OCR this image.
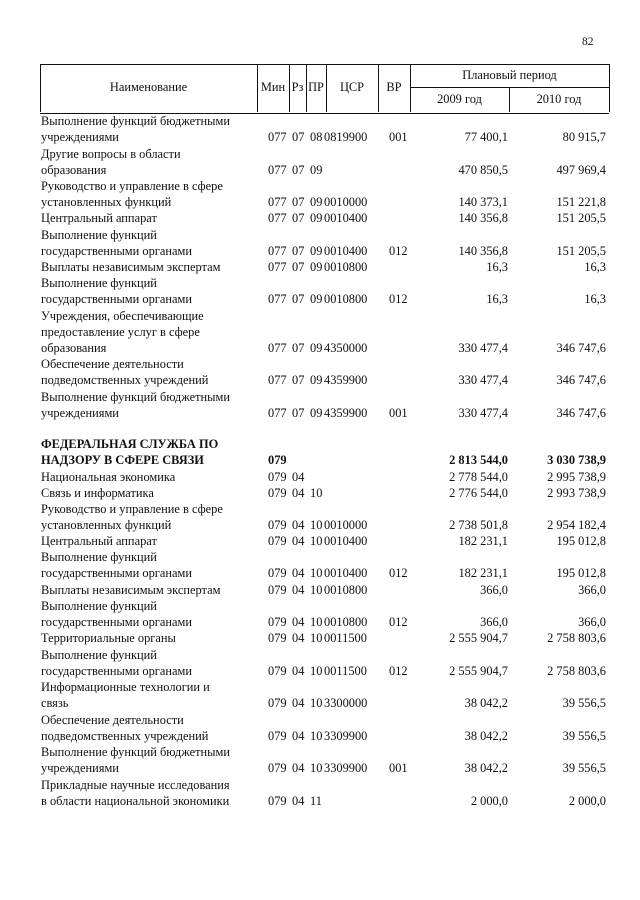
82
Наименование	Мин Рз ПР	ЦСР	ВР
Плановый период
2009 год	2010 год
Выполнение функций бюджетными
учреждениями	077 07 08 0819900 001	77 400,1	80 915,7
Другие вопросы в области
образования	077 07 09	470 850,5	497 969,4
Руководство и управление в сфере
установленных функций	077 07 09 0010000	140 373,1	151 221,8
Центральный аппарат	077 07 09 0010400	140 356,8	151 205,5
Выполнение функций
государственными органами	077 07 09 0010400 012	140 356,8	151 205,5
Выплаты независимым экспертам	077 07 09 0010800	16,3	16,3
Выполнение функций
государственными органами	077 07 09 0010800 012	16,3	16,3
Учреждения, обеспечивающие
предоставление услуг в сфере
образования	077 07 09 4350000	330 477,4	346 747,6
Обеспечение деятельности
подведомственных учреждений	077 07 09 4359900	330 477,4	346 747,6
Выполнение функций бюджетными
учреждениями	077 07 09 4359900 001	330 477,4	346 747,6
ФЕДЕРАЛЬНАЯ СЛУЖБА ПО
НАДЗОРУ В СФЕРЕ СВЯЗИ	079	2 813 544,0	3 030 738,9
Национальная экономика	079 04	2 778 544,0	2 995 738,9
Связь и информатика	079 04 10	2 776 544,0	2 993 738,9
Руководство и управление в сфере
установленных функций	079 04 10 0010000	2 738 501,8	2 954 182,4
Центральный аппарат	079 04 10 0010400	182 231,1	195 012,8
Выполнение функций
государственными органами	079 04 10 0010400 012	182 231,1	195 012,8
Выплаты независимым экспертам	079 04 10 0010800	366,0	366,0
Выполнение функций
государственными органами	079 04 10 0010800 012	366,0	366,0
Территориальные органы	079 04 10 0011500	2 555 904,7	2 758 803,6
Выполнение функций
государственными органами	079 04 10 0011500 012	2 555 904,7	2 758 803,6
Информационные технологии и
связь	079 04 10 3300000	38 042,2	39 556,5
Обеспечение деятельности
подведомственных учреждений	079 04 10 3309900	38 042,2	39 556,5
Выполнение функций бюджетными
учреждениями	079 04 10 3309900 001	38 042,2	39 556,5
Прикладные научные исследования
в области национальной экономики	079 04 11	2 000,0	2 000,0
